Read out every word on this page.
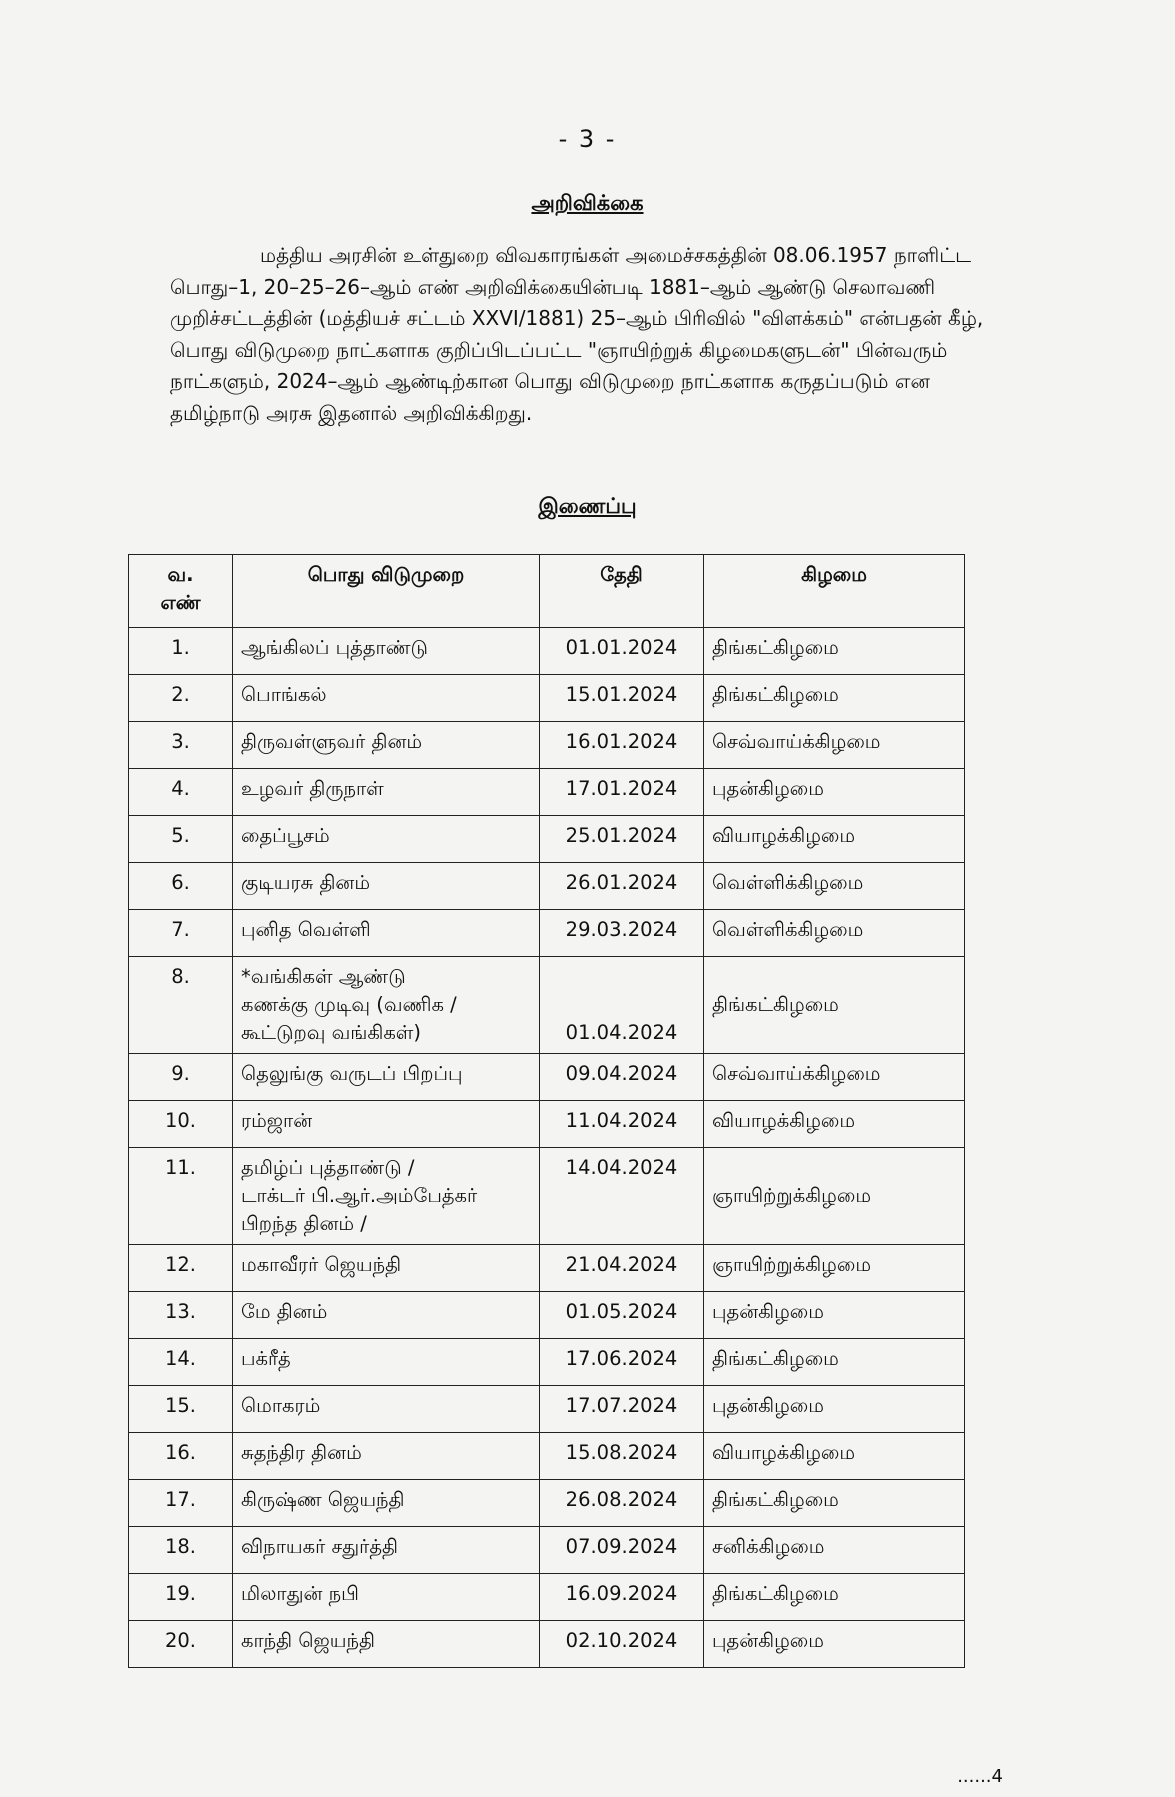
- 3 -
அறிவிக்கை
மத்திய அரசின் உள்துறை விவகாரங்கள் அமைச்சகத்தின் 08.06.1957 நாளிட்ட பொது–1, 20–25–26–ஆம் எண் அறிவிக்கையின்படி 1881–ஆம் ஆண்டு செலாவணி முறிச்சட்டத்தின் (மத்தியச் சட்டம் XXVI/1881) 25–ஆம் பிரிவில் "விளக்கம்" என்பதன் கீழ், பொது விடுமுறை நாட்களாக குறிப்பிடப்பட்ட "ஞாயிற்றுக் கிழமைகளுடன்" பின்வரும் நாட்களும், 2024–ஆம் ஆண்டிற்கான பொது விடுமுறை நாட்களாக கருதப்படும் என தமிழ்நாடு அரசு இதனால் அறிவிக்கிறது.
இணைப்பு
வ.
எண்	பொது விடுமுறை	தேதி	கிழமை
1.	ஆங்கிலப் புத்தாண்டு	01.01.2024	திங்கட்கிழமை
2.	பொங்கல்	15.01.2024	திங்கட்கிழமை
3.	திருவள்ளுவர் தினம்	16.01.2024	செவ்வாய்க்கிழமை
4.	உழவர் திருநாள்	17.01.2024	புதன்கிழமை
5.	தைப்பூசம்	25.01.2024	வியாழக்கிழமை
6.	குடியரசு தினம்	26.01.2024	வெள்ளிக்கிழமை
7.	புனித வெள்ளி	29.03.2024	வெள்ளிக்கிழமை
8.	*வங்கிகள் ஆண்டு
கணக்கு முடிவு (வணிக /
கூட்டுறவு வங்கிகள்)	01.04.2024	திங்கட்கிழமை
9.	தெலுங்கு வருடப் பிறப்பு	09.04.2024	செவ்வாய்க்கிழமை
10.	ரம்ஜான்	11.04.2024	வியாழக்கிழமை
11.	தமிழ்ப் புத்தாண்டு /
டாக்டர் பி.ஆர்.அம்பேத்கர்
பிறந்த தினம் /	14.04.2024	ஞாயிற்றுக்கிழமை
12.	மகாவீரர் ஜெயந்தி	21.04.2024	ஞாயிற்றுக்கிழமை
13.	மே தினம்	01.05.2024	புதன்கிழமை
14.	பக்ரீத்	17.06.2024	திங்கட்கிழமை
15.	மொகரம்	17.07.2024	புதன்கிழமை
16.	சுதந்திர தினம்	15.08.2024	வியாழக்கிழமை
17.	கிருஷ்ண ஜெயந்தி	26.08.2024	திங்கட்கிழமை
18.	விநாயகர் சதுர்த்தி	07.09.2024	சனிக்கிழமை
19.	மிலாதுன் நபி	16.09.2024	திங்கட்கிழமை
20.	காந்தி ஜெயந்தி	02.10.2024	புதன்கிழமை
......4
